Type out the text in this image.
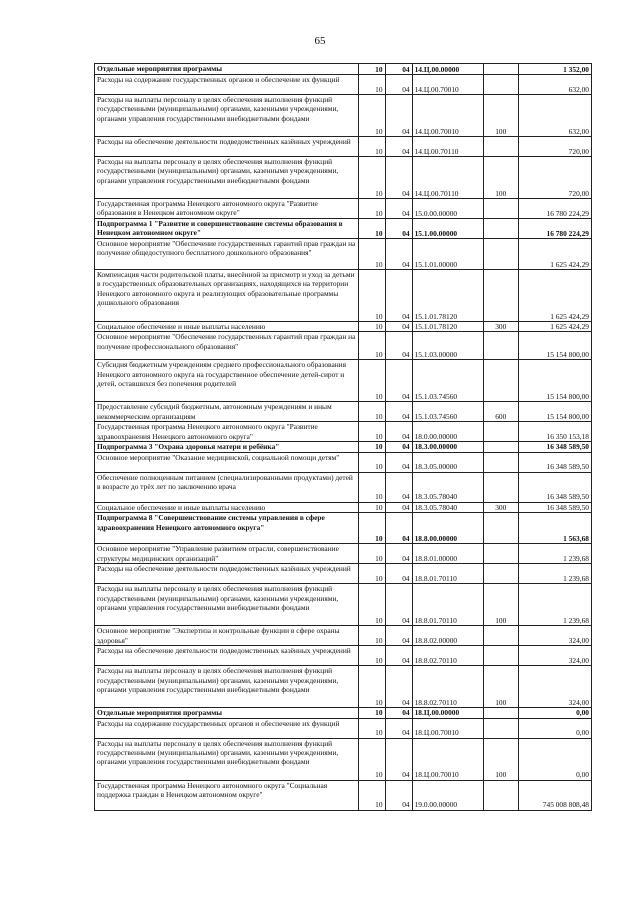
65
Отдельные мероприятия программы	10	04	14.Ц.00.00000		1 352,00
Расходы на содержание государственных органов и обеспечение их функций	10	04	14.Ц.00.70010		632,00
Расходы на выплаты персоналу в целях обеспечения выполнения функций государственными (муниципальными) органами, казенными учреждениями, органами управления государственными внебюджетными фондами	10	04	14.Ц.00.70010	100	632,00
Расходы на обеспечение деятельности подведомственных казённых учреждений	10	04	14.Ц.00.70110		720,00
Расходы на выплаты персоналу в целях обеспечения выполнения функций государственными (муниципальными) органами, казенными учреждениями, органами управления государственными внебюджетными фондами	10	04	14.Ц.00.70110	100	720,00
Государственная программа Ненецкого автономного округа "Развитие образования в Ненецком автономном округе"	10	04	15.0.00.00000		16 780 224,29
Подпрограмма 1 "Развитие и совершенствование системы образования в Ненецком автономном округе"	10	04	15.1.00.00000		16 780 224,29
Основное мероприятие "Обеспечение государственных гарантий прав граждан на получение общедоступного бесплатного дошкольного образования"	10	04	15.1.01.00000		1 625 424,29
Компенсация части родительской платы, внесённой за присмотр и уход за детьми в государственных образовательных организациях, находящихся на территории Ненецкого автономного округа и реализующих образовательные программы дошкольного образования	10	04	15.1.01.78120		1 625 424,29
Социальное обеспечение и иные выплаты населению	10	04	15.1.01.78120	300	1 625 424,29
Основное мероприятие "Обеспечение государственных гарантий прав граждан на получение профессионального образования"	10	04	15.1.03.00000		15 154 800,00
Субсидия бюджетным учреждениям среднего профессионального образования Ненецкого автономного округа на государственное обеспечение детей-сирот и детей, оставшихся без попечения родителей	10	04	15.1.03.74560		15 154 800,00
Предоставление субсидий бюджетным, автономным учреждениям и иным некоммерческим организациям	10	04	15.1.03.74560	600	15 154 800,00
Государственная программа Ненецкого автономного округа "Развитие здравоохранения Ненецкого автономного округа"	10	04	18.0.00.00000		16 350 153,18
Подпрограмма 3 "Охрана здоровья матери и ребёнка"	10	04	18.3.00.00000		16 348 589,50
Основное мероприятие "Оказание медицинской, социальной помощи детям"	10	04	18.3.05.00000		16 348 589,50
Обеспечение полноценным питанием (специализированными продуктами) детей в возрасте до трёх лет по заключению врача	10	04	18.3.05.78040		16 348 589,50
Социальное обеспечение и иные выплаты населению	10	04	18.3.05.78040	300	16 348 589,50
Подпрограмма 8 "Совершенствование системы управления в сфере здравоохранения Ненецкого автономного округа"	10	04	18.8.00.00000		1 563,68
Основное мероприятие "Управление развитием отрасли, совершенствование структуры медицинских организаций"	10	04	18.8.01.00000		1 239,68
Расходы на обеспечение деятельности подведомственных казённых учреждений	10	04	18.8.01.70110		1 239,68
Расходы на выплаты персоналу в целях обеспечения выполнения функций государственными (муниципальными) органами, казенными учреждениями, органами управления государственными внебюджетными фондами	10	04	18.8.01.70110	100	1 239,68
Основное мероприятие "Экспертиза и контрольные функции в сфере охраны здоровья"	10	04	18.8.02.00000		324,00
Расходы на обеспечение деятельности подведомственных казённых учреждений	10	04	18.8.02.70110		324,00
Расходы на выплаты персоналу в целях обеспечения выполнения функций государственными (муниципальными) органами, казенными учреждениями, органами управления государственными внебюджетными фондами	10	04	18.8.02.70110	100	324,00
Отдельные мероприятия программы	10	04	18.Ц.00.00000		0,00
Расходы на содержание государственных органов и обеспечение их функций	10	04	18.Ц.00.70010		0,00
Расходы на выплаты персоналу в целях обеспечения выполнения функций государственными (муниципальными) органами, казенными учреждениями, органами управления государственными внебюджетными фондами	10	04	18.Ц.00.70010	100	0,00
Государственная программа Ненецкого автономного округа "Социальная поддержка граждан в Ненецком автономном округе"	10	04	19.0.00.00000		745 008 808,48
